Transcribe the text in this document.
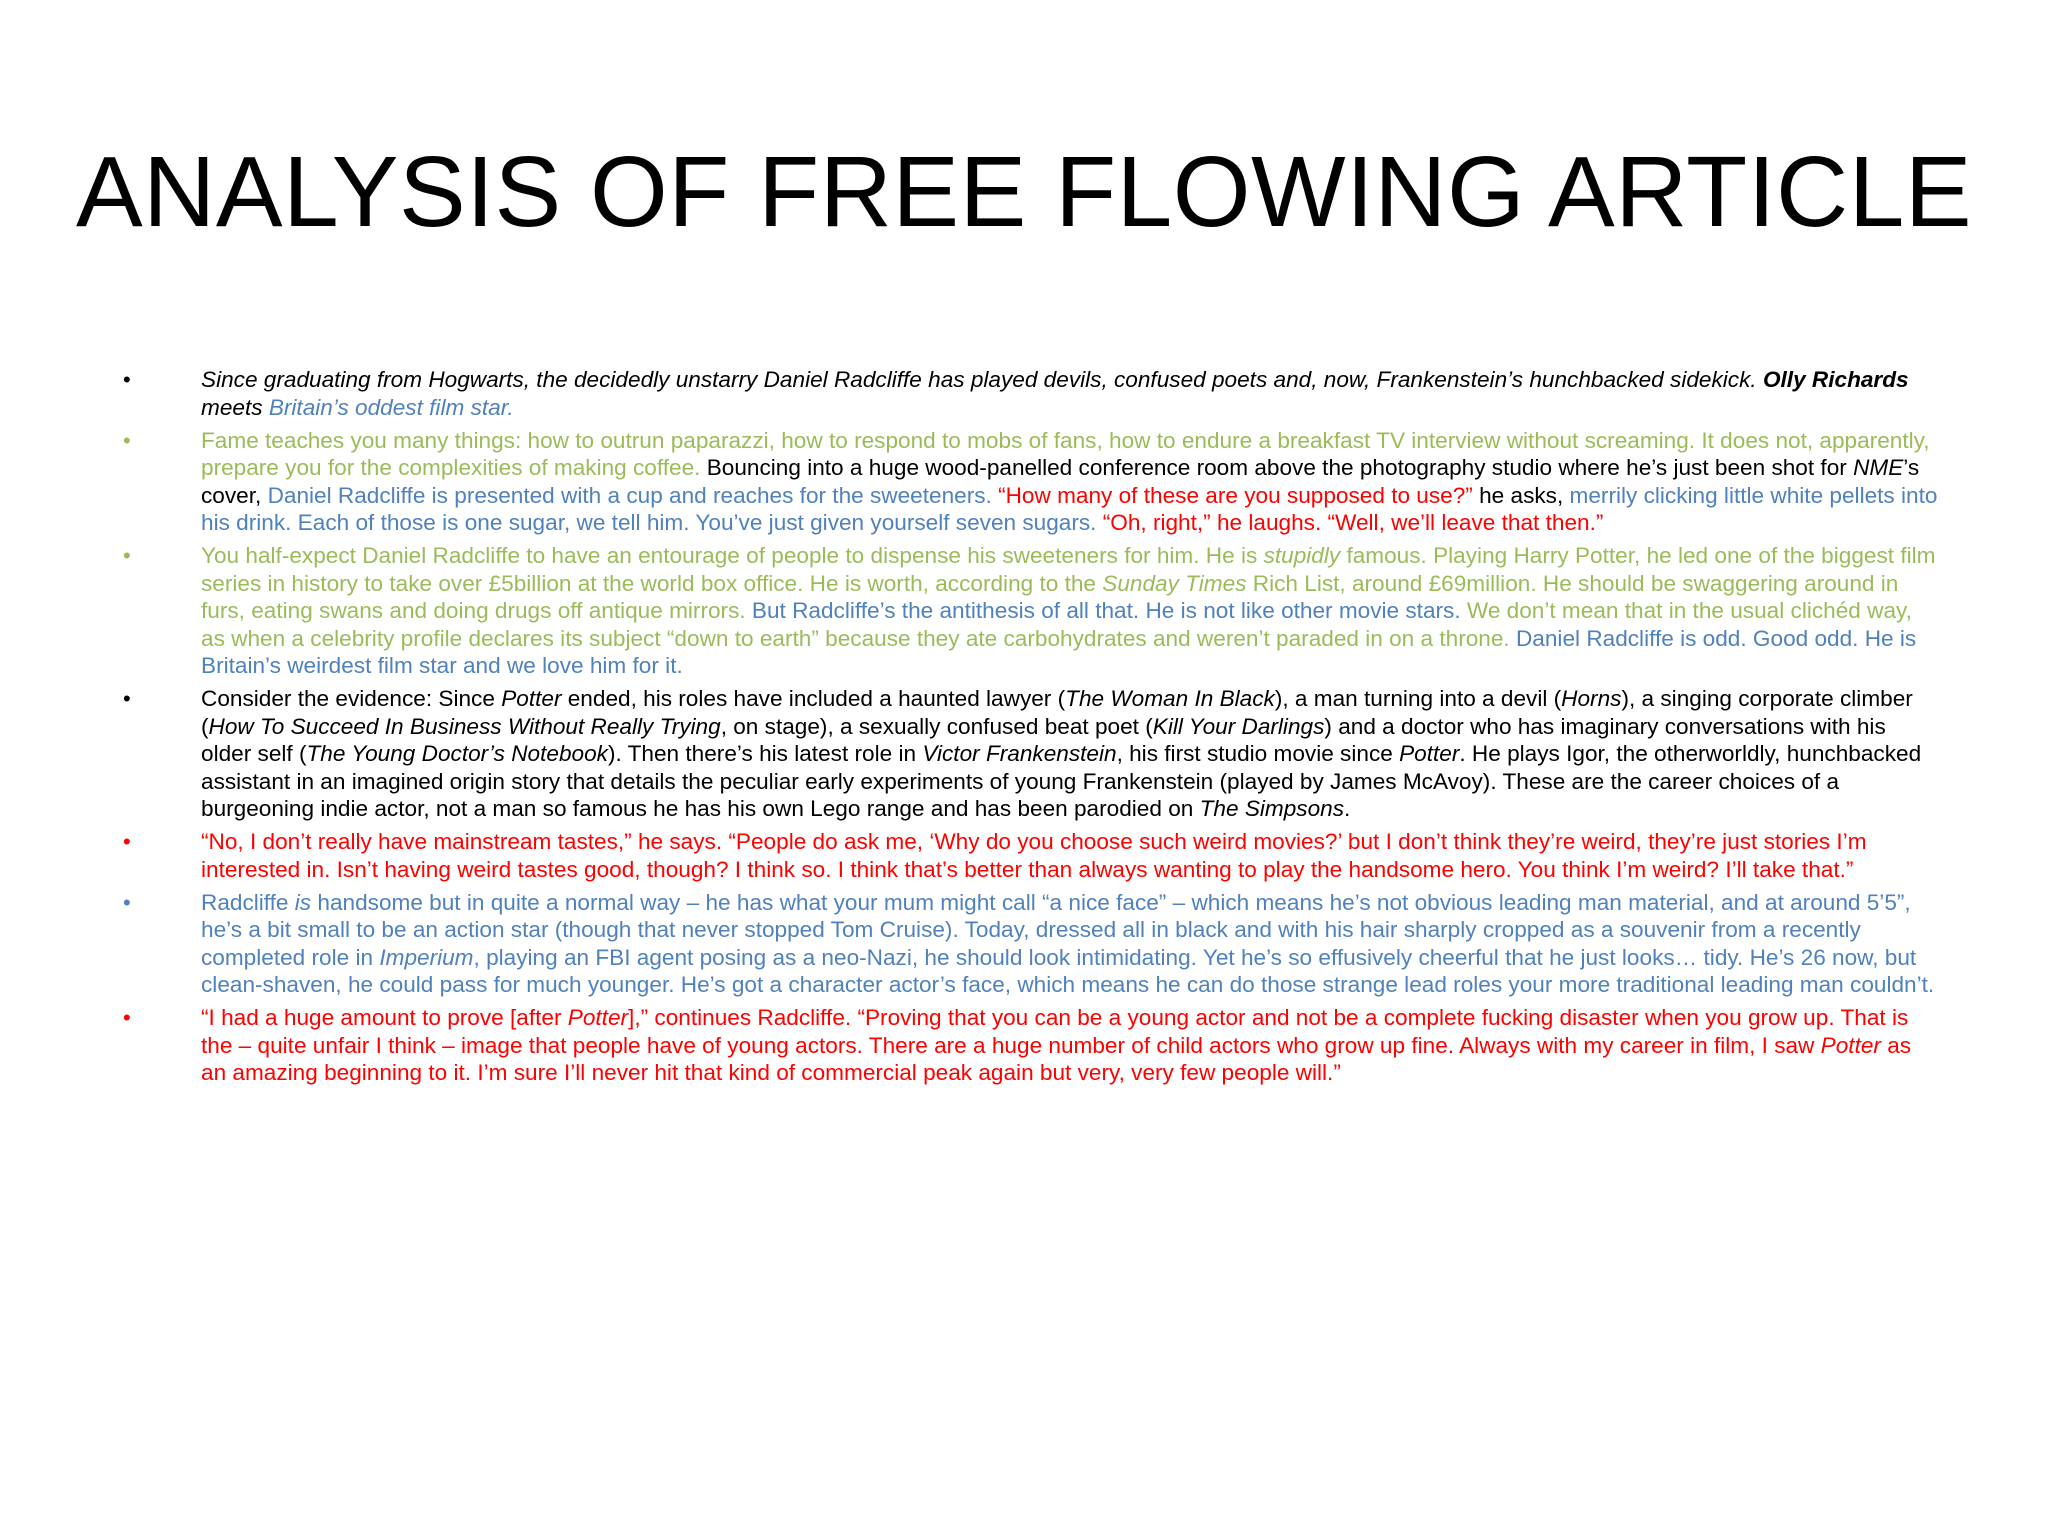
ANALYSIS OF FREE FLOWING ARTICLE
•	Since graduating from Hogwarts, the decidedly unstarry Daniel Radcliffe has played devils, confused poets and, now, Frankenstein’s hunchbacked sidekick. Olly Richards meets Britain’s oddest film star.
•	Fame teaches you many things: how to outrun paparazzi, how to respond to mobs of fans, how to endure a breakfast TV interview without screaming. It does not, apparently, prepare you for the complexities of making coffee. Bouncing into a huge wood-panelled conference room above the photography studio where he’s just been shot for NME’s cover, Daniel Radcliffe is presented with a cup and reaches for the sweeteners. “How many of these are you supposed to use?” he asks, merrily clicking little white pellets into his drink. Each of those is one sugar, we tell him. You’ve just given yourself seven sugars. “Oh, right,” he laughs. “Well, we’ll leave that then.”
•	You half-expect Daniel Radcliffe to have an entourage of people to dispense his sweeteners for him. He is stupidly famous. Playing Harry Potter, he led one of the biggest film series in history to take over £5billion at the world box office. He is worth, according to the Sunday Times Rich List, around £69million. He should be swaggering around in furs, eating swans and doing drugs off antique mirrors. But Radcliffe’s the antithesis of all that. He is not like other movie stars. We don’t mean that in the usual clichéd way, as when a celebrity profile declares its subject “down to earth” because they ate carbohydrates and weren’t paraded in on a throne. Daniel Radcliffe is odd. Good odd. He is Britain’s weirdest film star and we love him for it.
•	Consider the evidence: Since Potter ended, his roles have included a haunted lawyer (The Woman In Black), a man turning into a devil (Horns), a singing corporate climber (How To Succeed In Business Without Really Trying, on stage), a sexually confused beat poet (Kill Your Darlings) and a doctor who has imaginary conversations with his older self (The Young Doctor’s Notebook). Then there’s his latest role in Victor Frankenstein, his first studio movie since Potter. He plays Igor, the otherworldly, hunchbacked assistant in an imagined origin story that details the peculiar early experiments of young Frankenstein (played by James McAvoy). These are the career choices of a burgeoning indie actor, not a man so famous he has his own Lego range and has been parodied on The Simpsons.
•	“No, I don’t really have mainstream tastes,” he says. “People do ask me, ‘Why do you choose such weird movies?’ but I don’t think they’re weird, they’re just stories I’m interested in. Isn’t having weird tastes good, though? I think so. I think that’s better than always wanting to play the handsome hero. You think I’m weird? I’ll take that.”
•	Radcliffe is handsome but in quite a normal way – he has what your mum might call “a nice face” – which means he’s not obvious leading man material, and at around 5’5”, he’s a bit small to be an action star (though that never stopped Tom Cruise). Today, dressed all in black and with his hair sharply cropped as a souvenir from a recently completed role in Imperium, playing an FBI agent posing as a neo-Nazi, he should look intimidating. Yet he’s so effusively cheerful that he just looks… tidy. He’s 26 now, but clean-shaven, he could pass for much younger. He’s got a character actor’s face, which means he can do those strange lead roles your more traditional leading man couldn’t.
•	“I had a huge amount to prove [after Potter],” continues Radcliffe. “Proving that you can be a young actor and not be a complete fucking disaster when you grow up. That is the – quite unfair I think – image that people have of young actors. There are a huge number of child actors who grow up fine. Always with my career in film, I saw Potter as an amazing beginning to it. I’m sure I’ll never hit that kind of commercial peak again but very, very few people will.”
